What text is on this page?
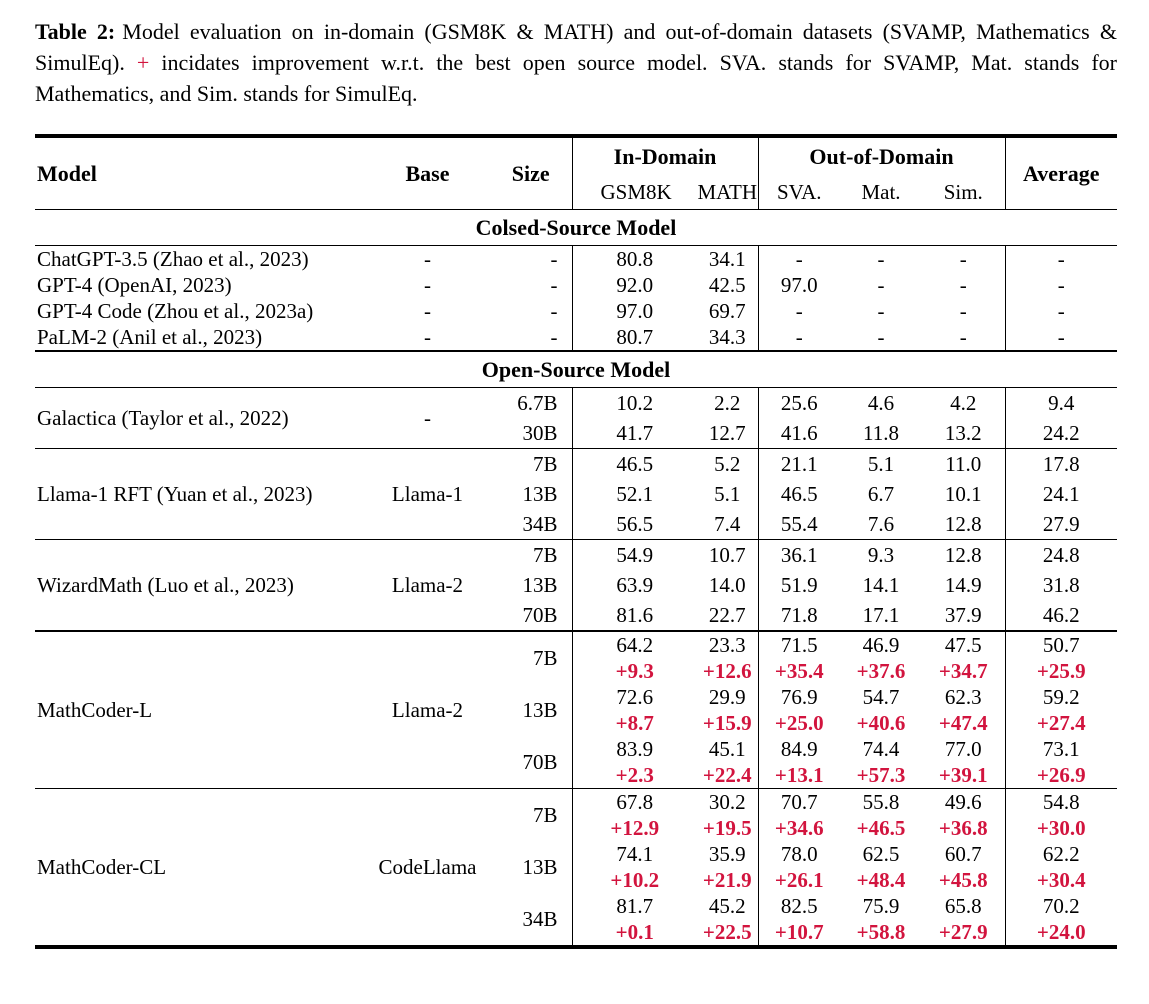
Table 2: Model evaluation on in-domain (GSM8K & MATH) and out-of-domain datasets (SVAMP, Mathematics & SimulEq). + incidates improvement w.r.t. the best open source model. SVA. stands for SVAMP, Mat. stands for Mathematics, and Sim. stands for SimulEq.

Model	Base	Size	In-Domain		Out-of-Domain			Average
			GSM8K	MATH	SVA.	Mat.	Sim.	

Colsed-Source Model								

ChatGPT-3.5 (Zhao et al., 2023)	-	-	80.8	34.1	-	-	-	-
GPT-4 (OpenAI, 2023)	-	-	92.0	42.5	97.0	-	-	-
GPT-4 Code (Zhou et al., 2023a)	-	-	97.0	69.7	-	-	-	-
PaLM-2 (Anil et al., 2023)	-	-	80.7	34.3	-	-	-	-

Open-Source Model								

Galactica (Taylor et al., 2022)	-	6.7B	10.2	2.2	25.6	4.6	4.2	9.4
		30B	41.7	12.7	41.6	11.8	13.2	24.2

Llama-1 RFT (Yuan et al., 2023)	Llama-1	7B	46.5	5.2	21.1	5.1	11.0	17.8
		13B	52.1	5.1	46.5	6.7	10.1	24.1
		34B	56.5	7.4	55.4	7.6	12.8	27.9

WizardMath (Luo et al., 2023)	Llama-2	7B	54.9	10.7	36.1	9.3	12.8	24.8
		13B	63.9	14.0	51.9	14.1	14.9	31.8
		70B	81.6	22.7	71.8	17.1	37.9	46.2

MathCoder-L	Llama-2	7B	64.2	23.3	71.5	46.9	47.5	50.7
			+9.3	+12.6	+35.4	+37.6	+34.7	+25.9
		13B	72.6	29.9	76.9	54.7	62.3	59.2
			+8.7	+15.9	+25.0	+40.6	+47.4	+27.4
		70B	83.9	45.1	84.9	74.4	77.0	73.1
			+2.3	+22.4	+13.1	+57.3	+39.1	+26.9

MathCoder-CL	CodeLlama	7B	67.8	30.2	70.7	55.8	49.6	54.8
			+12.9	+19.5	+34.6	+46.5	+36.8	+30.0
		13B	74.1	35.9	78.0	62.5	60.7	62.2
			+10.2	+21.9	+26.1	+48.4	+45.8	+30.4
		34B	81.7	45.2	82.5	75.9	65.8	70.2
			+0.1	+22.5	+10.7	+58.8	+27.9	+24.0
